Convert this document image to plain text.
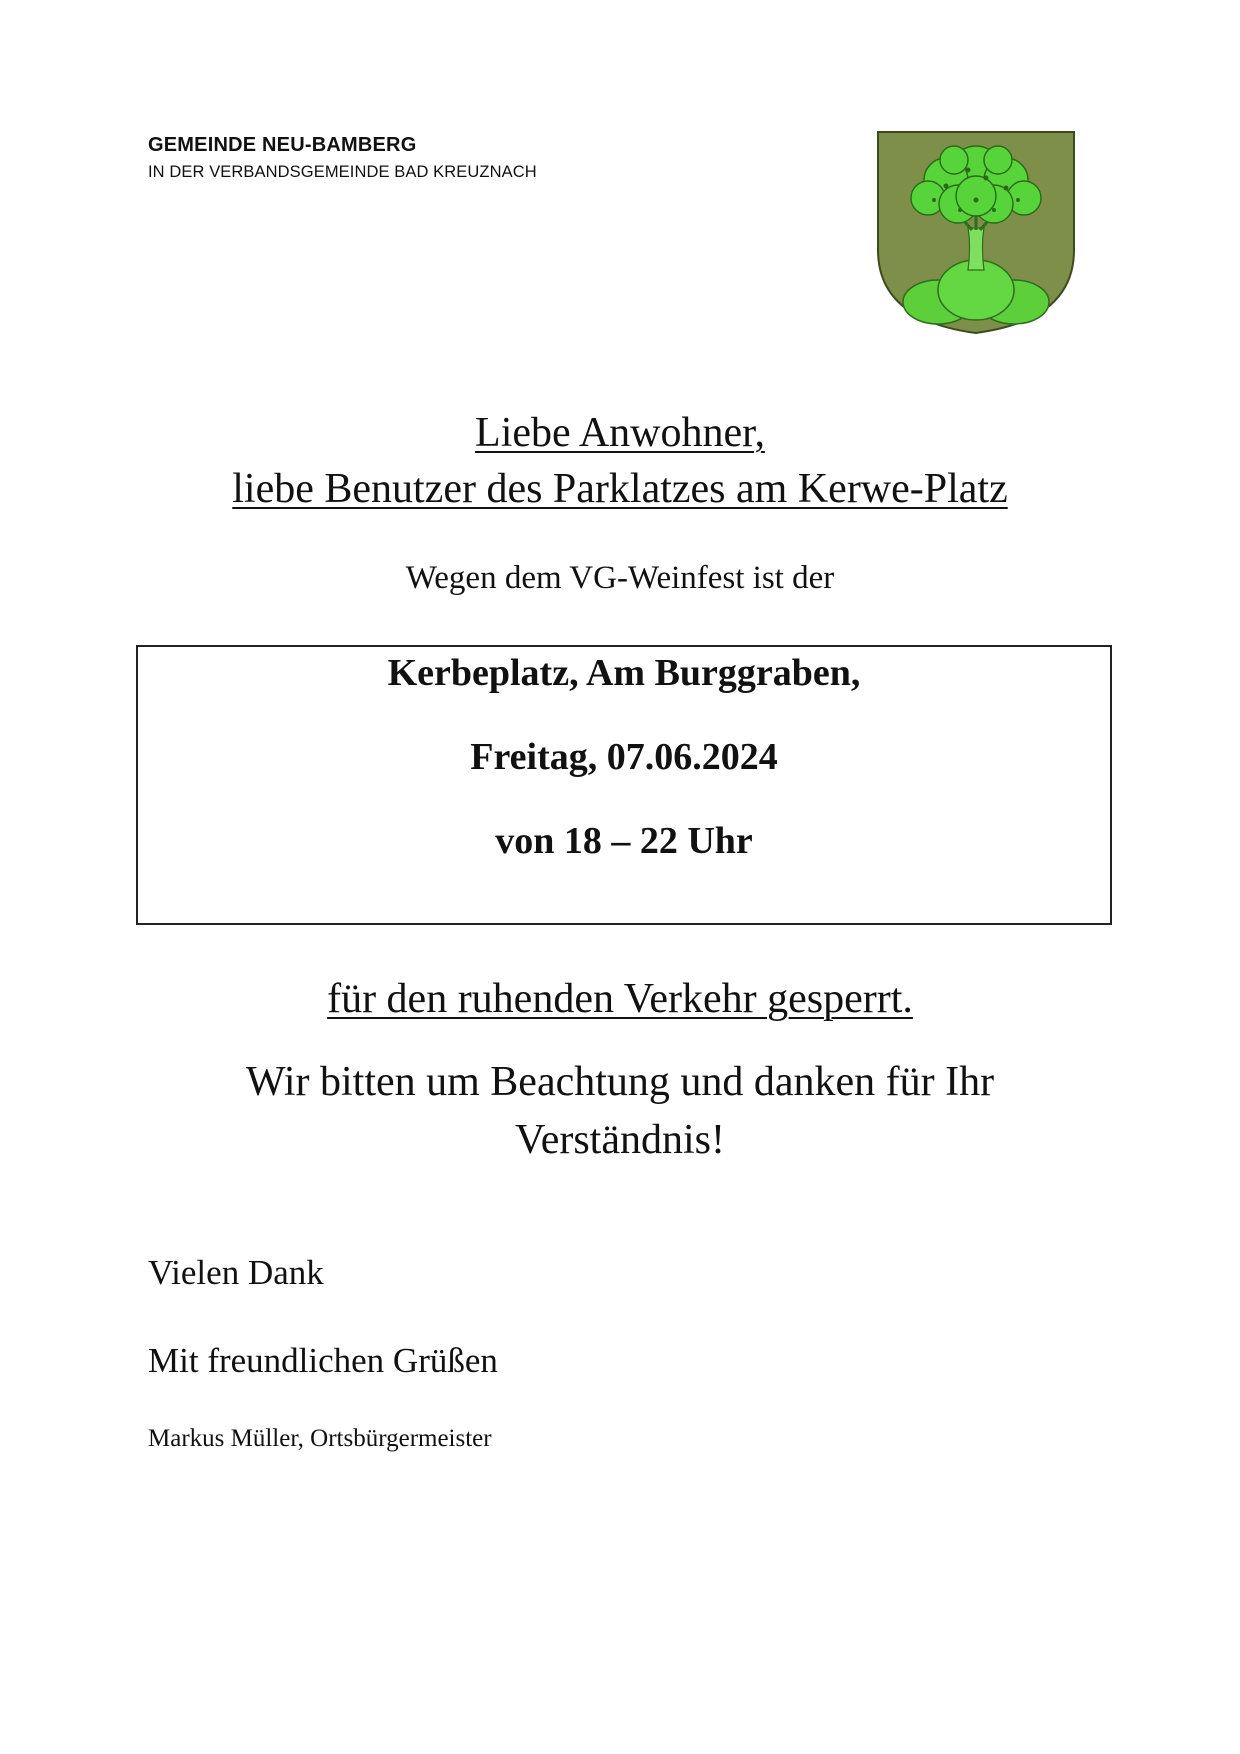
GEMEINDE NEU-BAMBERG
IN DER VERBANDSGEMEINDE BAD KREUZNACH
Liebe Anwohner,
liebe Benutzer des Parklatzes am Kerwe-Platz
Wegen dem VG-Weinfest ist der
Kerbeplatz, Am Burggraben,
Freitag, 07.06.2024
von 18 – 22 Uhr
für den ruhenden Verkehr gesperrt.
Wir bitten um Beachtung und danken für Ihr
Verständnis!
Vielen Dank
Mit freundlichen Grüßen
Markus Müller, Ortsbürgermeister
